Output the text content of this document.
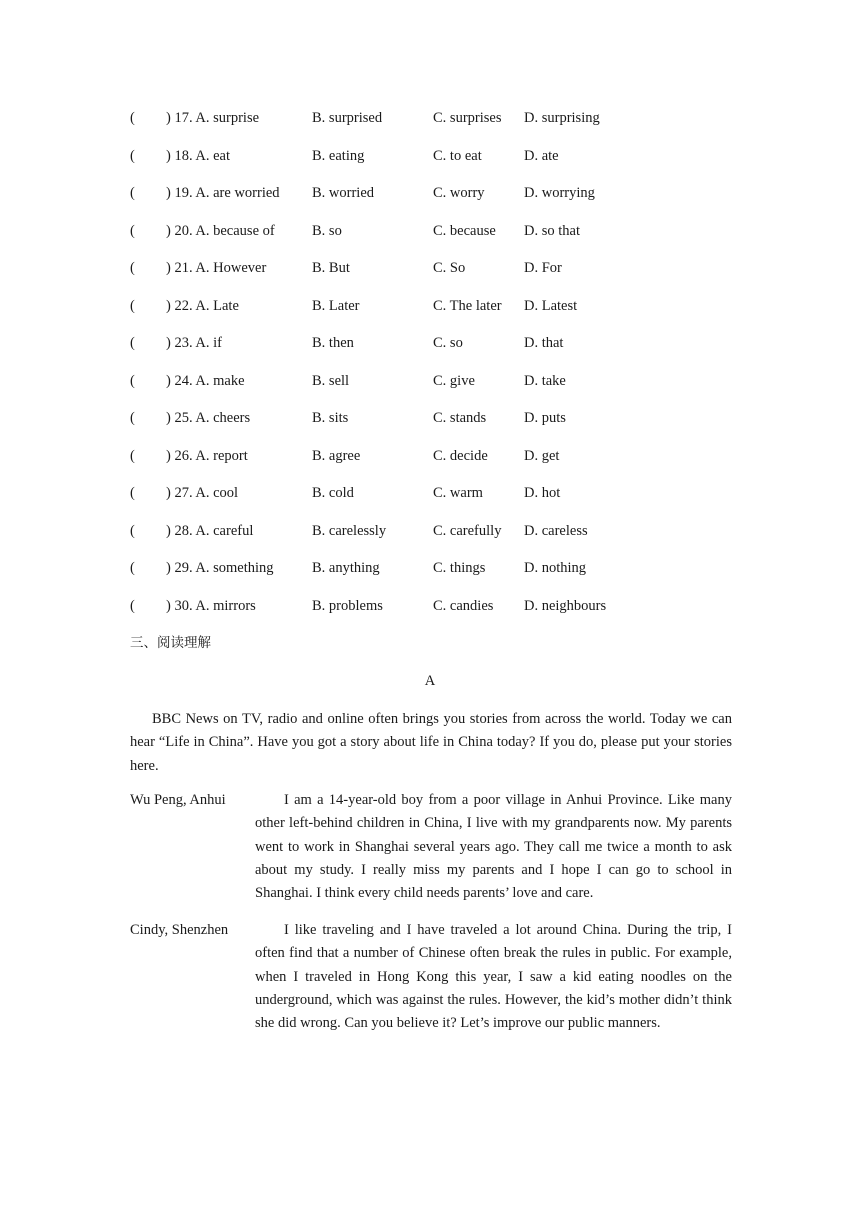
( ) 17. A. surprise	B. surprised	C. surprises D. surprising
( ) 18. A. eat	B. eating	C. to eat	D. ate
( ) 19. A. are worried B. worried	C. worry	D. worrying
( ) 20. A. because of	B. so	C. because D. so that
( ) 21. A. However	B. But	C. So	D. For
( ) 22. A. Late	B. Later	C. The later D. Latest
( ) 23. A. if	B. then	C. so	D. that
( ) 24. A. make	B. sell	C. give	D. take
( ) 25. A. cheers	B. sits	C. stands	D. puts
( ) 26. A. report	B. agree	C. decide D. get
( ) 27. A. cool	B. cold	C. warm	D. hot
( ) 28. A. careful	B. carelessly	C. carefully D. careless
( ) 29. A. something	B. anything	C. things	D. nothing
( ) 30. A. mirrors	B. problems	C. candies D. neighbours
三、阅读理解
A

BBC News on TV, radio and online often brings you stories from across the world. Today we can hear “Life in China”. Have you got a story about life in China today? If you do, please put your stories here.

Wu Peng, Anhui	I am a 14-year-old boy from a poor village in Anhui Province. Like many other left-behind children in China, I live with my grandparents now. My parents went to work in Shanghai several years ago. They call me twice a month to ask about my study. I really miss my parents and I hope I can go to school in Shanghai. I think every child needs parents’ love and care.

Cindy, Shenzhen	I like traveling and I have traveled a lot around China. During the trip, I often find that a number of Chinese often break the rules in public. For example, when I traveled in Hong Kong this year, I saw a kid eating noodles on the underground, which was against the rules. However, the kid’s mother didn’t think she did wrong. Can you believe it? Let’s improve our public manners.
